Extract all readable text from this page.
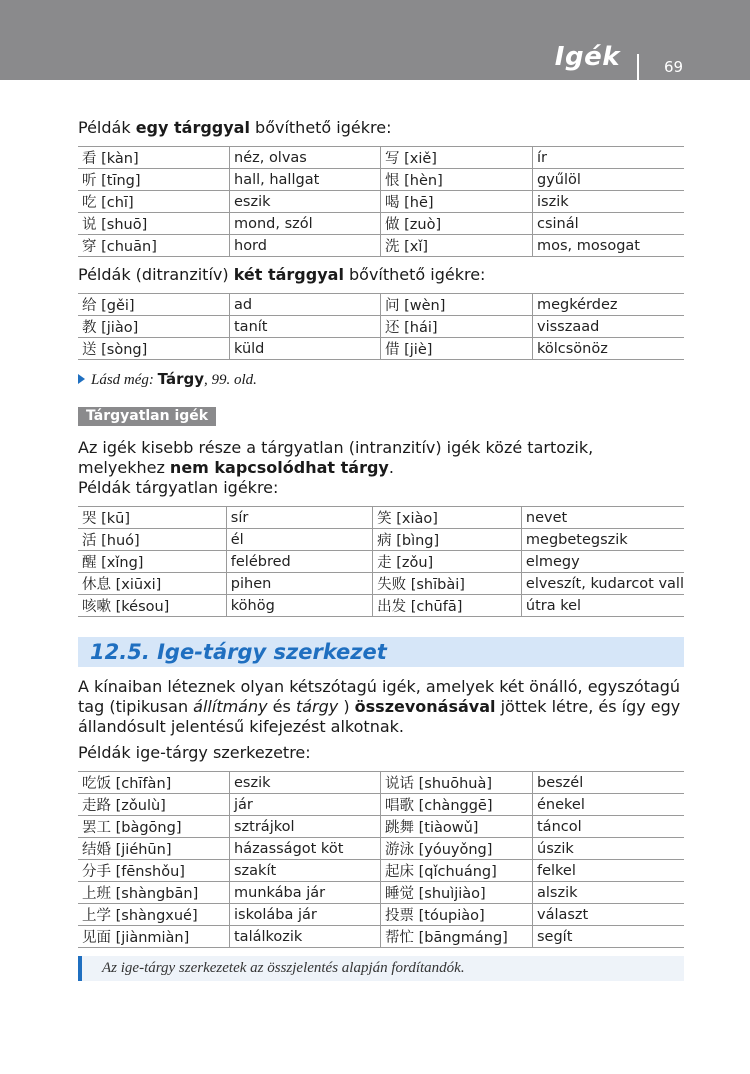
Igék	69

Példák egy tárggyal bővíthető igékre:

看 [kàn]	néz, olvas	写 [xiě]	ír
听 [tīng]	hall, hallgat	恨 [hèn]	gyűlöl
吃 [chī]	eszik	喝 [hē]	iszik
说 [shuō]	mond, szól	做 [zuò]	csinál
穿 [chuān]	hord	洗 [xǐ]	mos, mosogat

Példák (ditranzitív) két tárggyal bővíthető igékre:

给 [gěi]	ad	问 [wèn]	megkérdez
教 [jiào]	tanít	还 [hái]	visszaad
送 [sòng]	küld	借 [jiè]	kölcsönöz
Lásd még: Tárgy, 99. old.
Tárgyatlan igék

Az igék kisebb része a tárgyatlan (intranzitív) igék közé tartozik, melyekhez nem kapcsolódhat tárgy.

Példák tárgyatlan igékre:

哭 [kū]	sír	笑 [xiào]	nevet
活 [huó]	él	病 [bìng]	megbetegszik
醒 [xǐng]	felébred	走 [zǒu]	elmegy
休息 [xiūxi]	pihen	失败 [shībài]	elveszít, kudarcot vall
咳嗽 [késou]	köhög	出发 [chūfā]	útra kel
12.5. Ige-tárgy szerkezet

A kínaiban léteznek olyan kétszótagú igék, amelyek két önálló, egyszótagú tag (tipikusan állítmány és tárgy ) összevonásával jöttek létre, és így egy állandósult jelentésű kifejezést alkotnak.

Példák ige-tárgy szerkezetre:

吃饭 [chīfàn]	eszik	说话 [shuōhuà]	beszél
走路 [zǒulù]	jár	唱歌 [chànggē]	énekel
罢工 [bàgōng]	sztrájkol	跳舞 [tiàowǔ]	táncol
结婚 [jiéhūn]	házasságot köt	游泳 [yóuyǒng]	úszik
分手 [fēnshǒu]	szakít	起床 [qǐchuáng]	felkel
上班 [shàngbān]	munkába jár	睡觉 [shuìjiào]	alszik
上学 [shàngxué]	iskolába jár	投票 [tóupiào]	választ
见面 [jiànmiàn]	találkozik	帮忙 [bāngmáng]	segít
Az ige-tárgy szerkezetek az összjelentés alapján fordítandók.
